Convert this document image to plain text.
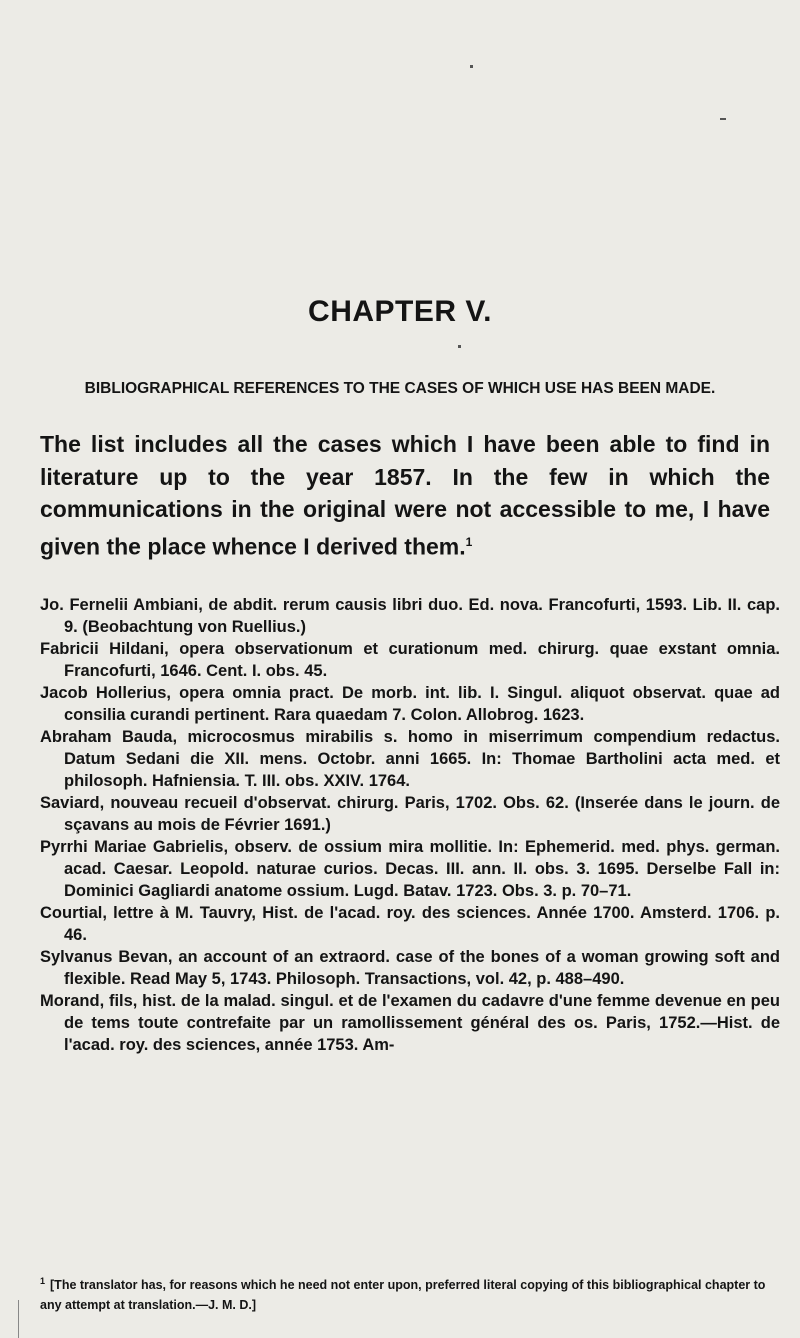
CHAPTER V.
BIBLIOGRAPHICAL REFERENCES TO THE CASES OF WHICH USE HAS BEEN MADE.
The list includes all the cases which I have been able to find in literature up to the year 1857. In the few in which the communications in the original were not accessible to me, I have given the place whence I derived them.$^1$
Jo. Fernelii Ambiani, de abdit. rerum causis libri duo. Ed. nova. Francofurti, 1593. Lib. II. cap. 9. (Beobachtung von Ruellius.)
Fabricii Hildani, opera observationum et curationum med. chirurg. quae exstant omnia. Francofurti, 1646. Cent. I. obs. 45.
Jacob Hollerius, opera omnia pract. De morb. int. lib. I. Singul. aliquot observat. quae ad consilia curandi pertinent. Rara quaedam 7. Colon. Allobrog. 1623.
Abraham Bauda, microcosmus mirabilis s. homo in miserrimum compendium redactus. Datum Sedani die XII. mens. Octobr. anni 1665. In: Thomae Bartholini acta med. et philosoph. Hafniensia. T. III. obs. XXIV. 1764.
Saviard, nouveau recueil d'observat. chirurg. Paris, 1702. Obs. 62. (Inserée dans le journ. de sçavans au mois de Février 1691.)
Pyrrhi Mariae Gabrielis, observ. de ossium mira mollitie. In: Ephemerid. med. phys. german. acad. Caesar. Leopold. naturae curios. Decas. III. ann. II. obs. 3. 1695. Derselbe Fall in: Dominici Gagliardi anatome ossium. Lugd. Batav. 1723. Obs. 3. p. 70–71.
Courtial, lettre à M. Tauvry, Hist. de l'acad. roy. des sciences. Année 1700. Amsterd. 1706. p. 46.
Sylvanus Bevan, an account of an extraord. case of the bones of a woman growing soft and flexible. Read May 5, 1743. Philosoph. Transactions, vol. 42, p. 488–490.
Morand, fils, hist. de la malad. singul. et de l'examen du cadavre d'une femme devenue en peu de tems toute contrefaite par un ramollissement général des os. Paris, 1752.—Hist. de l'acad. roy. des sciences, année 1753. Am-
$^1$ [The translator has, for reasons which he need not enter upon, preferred literal copying of this bibliographical chapter to any attempt at translation.—J. M. D.]
